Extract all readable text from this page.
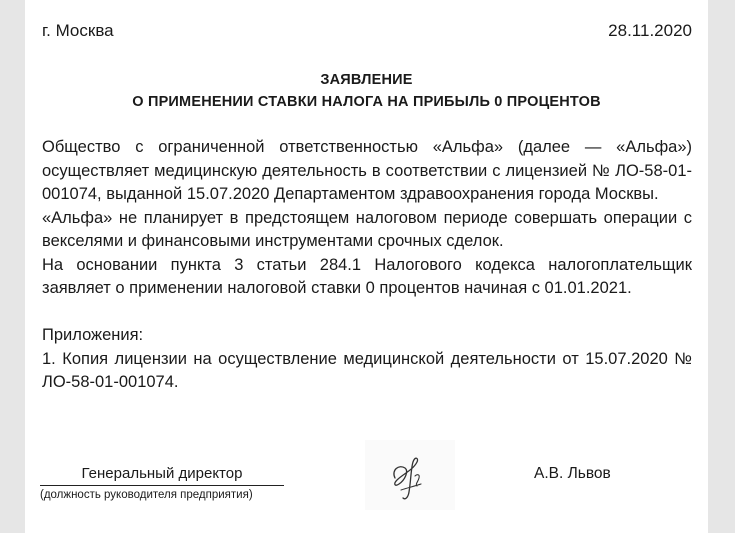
г. Москва	28.11.2020
ЗАЯВЛЕНИЕ
О ПРИМЕНЕНИИ СТАВКИ НАЛОГА НА ПРИБЫЛЬ 0 ПРОЦЕНТОВ

Общество с ограниченной ответственностью «Альфа» (далее — «Альфа») осуществляет медицинскую деятельность в соответствии с лицензией № ЛО-58-01-001074, выданной 15.07.2020 Департаментом здравоохранения города Москвы.

«Альфа» не планирует в предстоящем налоговом периоде совершать операции с векселями и финансовыми инструментами срочных сделок.

На основании пункта 3 статьи 284.1 Налогового кодекса налогоплательщик заявляет о применении налоговой ставки 0 процентов начиная с 01.01.2021.

Приложения:

1. Копия лицензии на осуществление медицинской деятельности от 15.07.2020 № ЛО-58-01-001074.

Генеральный директор
(должность руководителя предприятия)
А.В. Львов
